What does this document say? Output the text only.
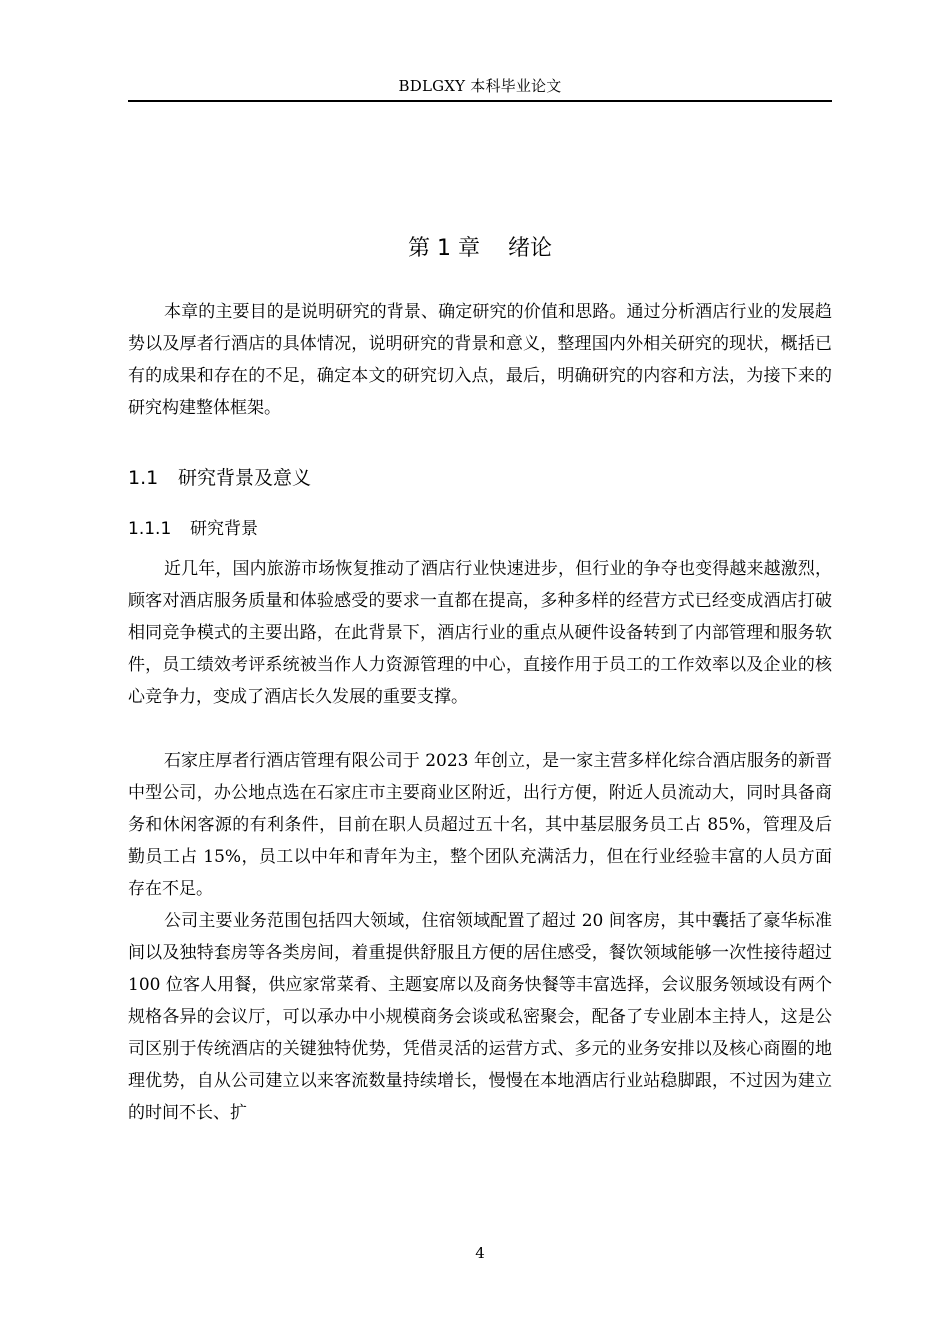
BDLGXY 本科毕业论文
第 1 章 绪论

本章的主要目的是说明研究的背景、确定研究的价值和思路。通过分析酒店行业的发展趋势以及厚者行酒店的具体情况，说明研究的背景和意义，整理国内外相关研究的现状，概括已有的成果和存在的不足，确定本文的研究切入点，最后，明确研究的内容和方法，为接下来的研究构建整体框架。

1.1 研究背景及意义
1.1.1 研究背景

近几年，国内旅游市场恢复推动了酒店行业快速进步，但行业的争夺也变得越来越激烈，顾客对酒店服务质量和体验感受的要求一直都在提高，多种多样的经营方式已经变成酒店打破相同竞争模式的主要出路，在此背景下，酒店行业的重点从硬件设备转到了内部管理和服务软件，员工绩效考评系统被当作人力资源管理的中心，直接作用于员工的工作效率以及企业的核心竞争力，变成了酒店长久发展的重要支撑。

石家庄厚者行酒店管理有限公司于 2023 年创立，是一家主营多样化综合酒店服务的新晋中型公司，办公地点选在石家庄市主要商业区附近，出行方便，附近人员流动大，同时具备商务和休闲客源的有利条件，目前在职人员超过五十名，其中基层服务员工占 85%，管理及后勤员工占 15%，员工以中年和青年为主，整个团队充满活力，但在行业经验丰富的人员方面存在不足。

公司主要业务范围包括四大领域，住宿领域配置了超过 20 间客房，其中囊括了豪华标准间以及独特套房等各类房间，着重提供舒服且方便的居住感受，餐饮领域能够一次性接待超过 100 位客人用餐，供应家常菜肴、主题宴席以及商务快餐等丰富选择，会议服务领域设有两个规格各异的会议厅，可以承办中小规模商务会谈或私密聚会，配备了专业剧本主持人，这是公司区别于传统酒店的关键独特优势，凭借灵活的运营方式、多元的业务安排以及核心商圈的地理优势，自从公司建立以来客流数量持续增长，慢慢在本地酒店行业站稳脚跟，不过因为建立的时间不长、扩

4
